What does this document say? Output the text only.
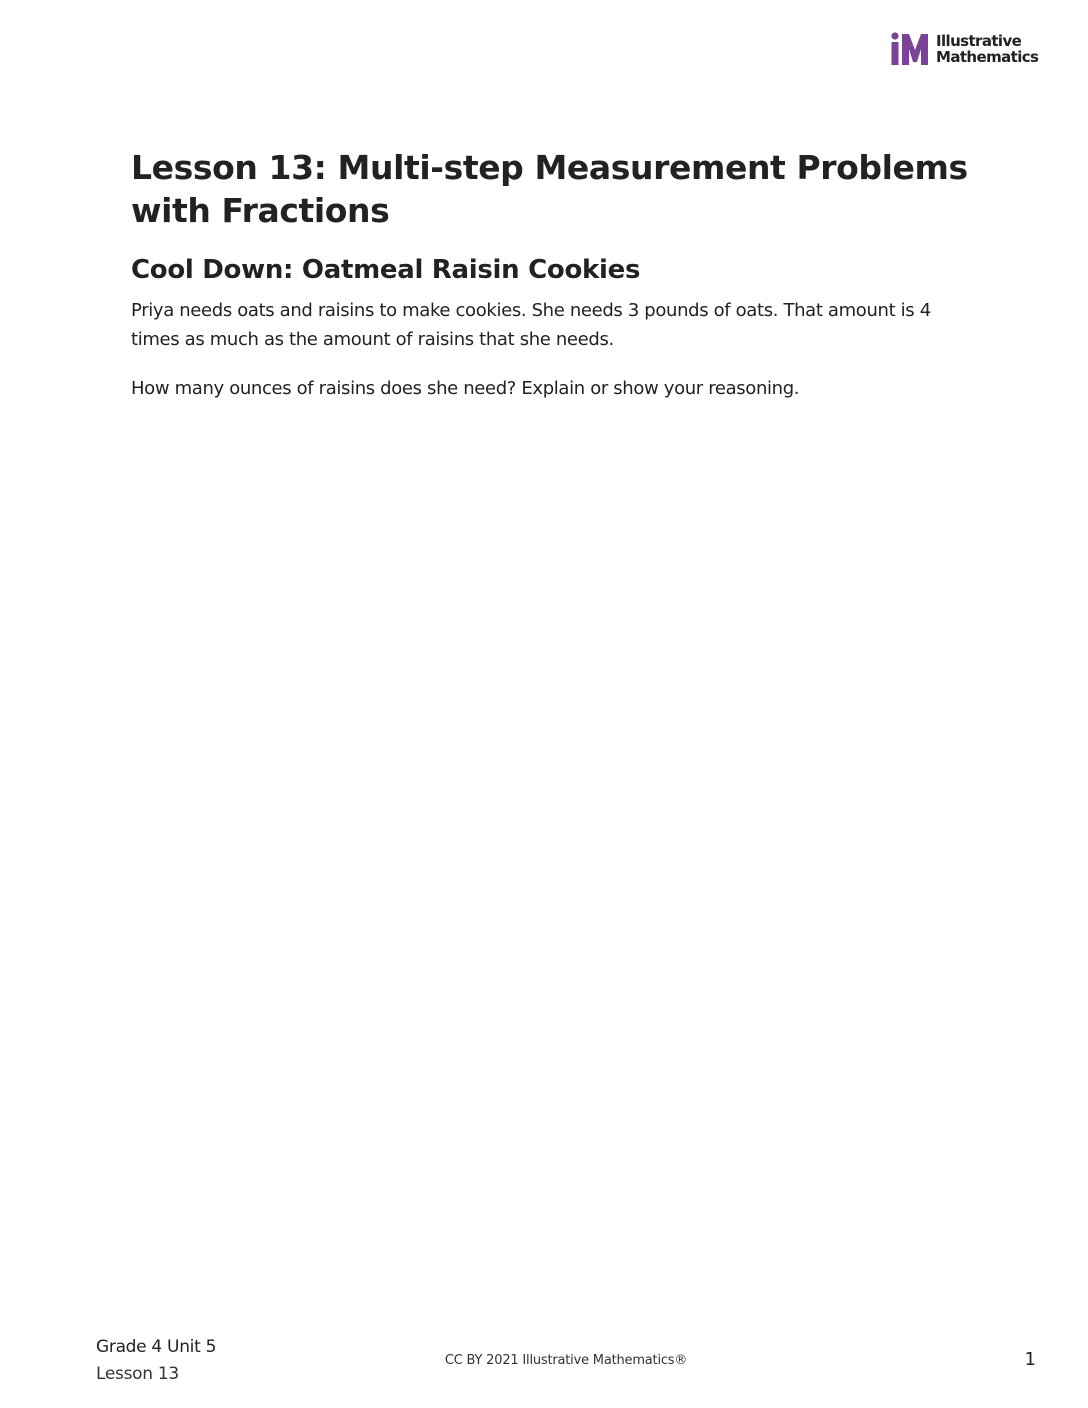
Illustrative
Mathematics
Lesson 13: Multi-step Measurement Problems with Fractions
Cool Down: Oatmeal Raisin Cookies

Priya needs oats and raisins to make cookies. She needs 3 pounds of oats. That amount is 4 times as much as the amount of raisins that she needs.

How many ounces of raisins does she need? Explain or show your reasoning.

Grade 4 Unit 5
Lesson 13
CC BY 2021 Illustrative Mathematics®	1
